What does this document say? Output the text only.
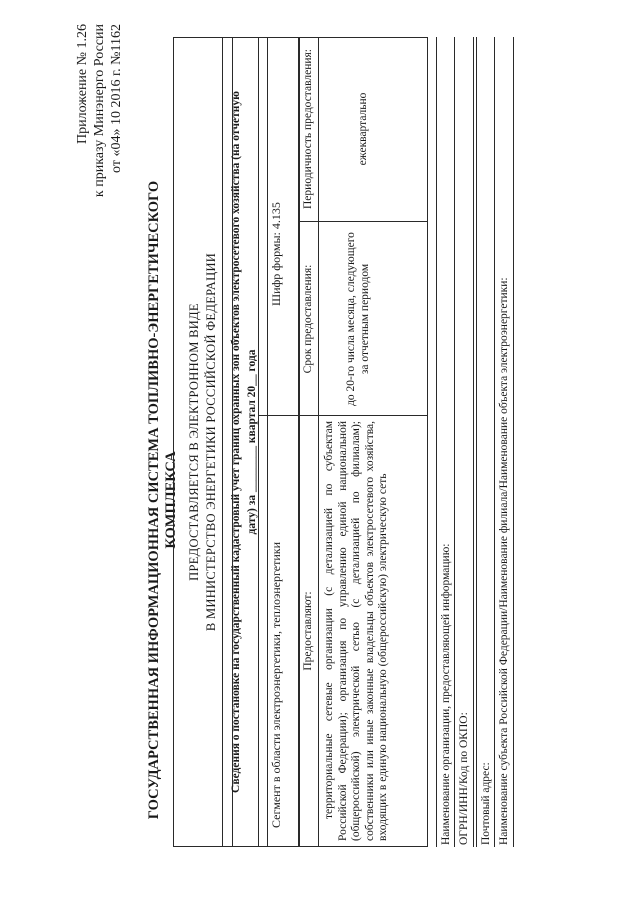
Приложение № 1.26 к приказу Минэнерго России от «04» 10 2016 г. №1162
ГОСУДАРСТВЕННАЯ ИНФОРМАЦИОННАЯ СИСТЕМА ТОПЛИВНО-ЭНЕРГЕТИЧЕСКОГО КОМПЛЕКСА ПРЕДОСТАВЛЯЕТСЯ В ЭЛЕКТРОННОМ ВИДЕ В МИНИСТЕРСТВО ЭНЕРГЕТИКИ РОССИЙСКОЙ ФЕДЕРАЦИИ Сведения о постановке на государственный кадастровый учет границ охранных зон объектов электросетевого хозяйства (на отчетную дату) за ________ квартал 20__ года
Сегмент в области электроэнергетики, теплоэнергетики
Шифр формы: 4.135
Предоставляют:
Срок предоставления:
Периодичность предоставления:
территориальные сетевые организации (с детализацией по субъектам Российской Федерации); организация по управлению единой национальной (общероссийской) электрической сетью (с детализацией по филиалам); собственники или иные законные владельцы объектов электросетевого хозяйства, входящих в единую национальную (общероссийскую) электрическую сеть
до 20-го числа месяца, следующего за отчетным периодом
ежеквартально
Наименование организации, предоставляющей информацию: ОГРН/ИНН/Код по ОКПО: Почтовый адрес: Наименование субъекта Российской Федерации/Наименование филиала/Наименование объекта электроэнергетики:
